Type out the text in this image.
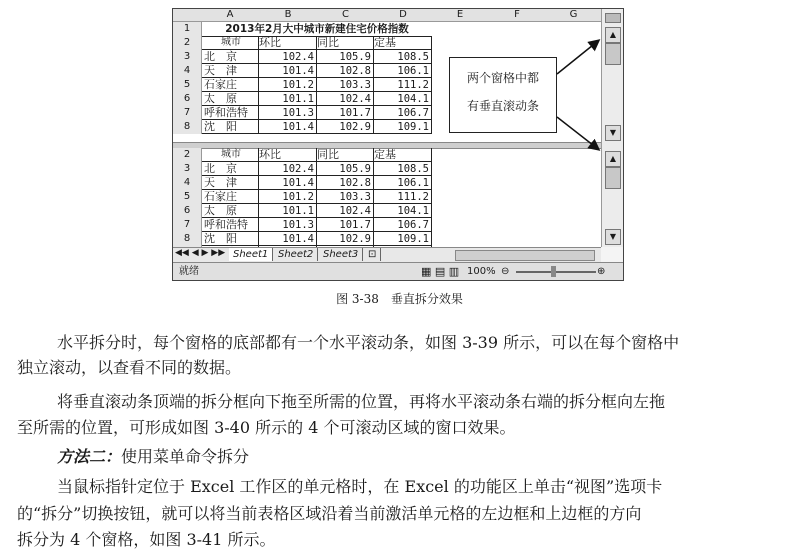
A	B	C	D	E	F	G
1	2013年2月大中城市新建住宅价格指数
2	城市	环比	同比	定基
3	北　京	102.4	105.9	108.5
4	天　津	101.4	102.8	106.1
5	石家庄	101.2	103.3	111.2
6	太　原	101.1	102.4	104.1
7	呼和浩特	101.3	101.7	106.7
8	沈　阳	101.4	102.9	109.1
2	城市	环比	同比	定基
3	北　京	102.4	105.9	108.5
4	天　津	101.4	102.8	106.1
5	石家庄	101.2	103.3	111.2
6	太　原	101.1	102.4	104.1
7	呼和浩特	101.3	101.7	106.7
8	沈　阳	101.4	102.9	109.1
两个窗格中都
有垂直滚动条
▲
▼
▲
▼
◀◀ ◀ ▶ ▶▶ Sheet1 Sheet2 Sheet3 ⊡
就绪	▦ ▤ ▥ 100% ⊖	⊕
图 3-38　垂直拆分效果
水平拆分时，每个窗格的底部都有一个水平滚动条，如图 3-39 所示，可以在每个窗格中
独立滚动，以查看不同的数据。
将垂直滚动条顶端的拆分框向下拖至所需的位置，再将水平滚动条右端的拆分框向左拖
至所需的位置，可形成如图 3-40 所示的 4 个可滚动区域的窗口效果。
方法二：使用菜单命令拆分
当鼠标指针定位于 Excel 工作区的单元格时，在 Excel 的功能区上单击“视图”选项卡
的“拆分”切换按钮，就可以将当前表格区域沿着当前激活单元格的左边框和上边框的方向
拆分为 4 个窗格，如图 3-41 所示。
